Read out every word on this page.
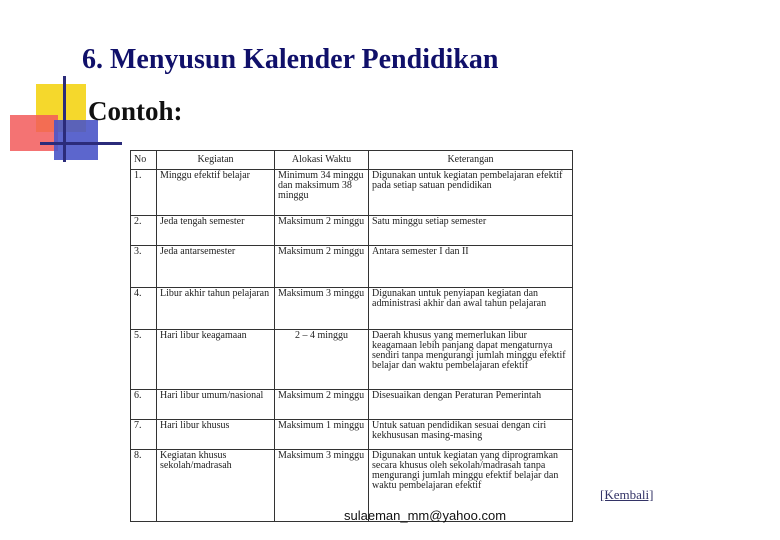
6. Menyusun Kalender Pendidikan
Contoh:
No	Kegiatan	Alokasi Waktu	Keterangan
1.	Minggu efektif belajar	Minimum 34 minggu dan maksimum 38 minggu	Digunakan untuk kegiatan pembelajaran efektif pada setiap satuan pendidikan
2.	Jeda tengah semester	Maksimum 2 minggu	Satu minggu setiap semester
3.	Jeda antarsemester	Maksimum 2 minggu	Antara semester I dan II
4.	Libur akhir tahun pelajaran	Maksimum 3 minggu	Digunakan untuk penyiapan kegiatan dan administrasi akhir dan awal tahun pelajaran
5.	Hari libur keagamaan	2 – 4 minggu	Daerah khusus yang memerlukan libur keagamaan lebih panjang dapat mengaturnya sendiri tanpa mengurangi jumlah minggu efektif belajar dan waktu pembelajaran efektif
6.	Hari libur umum/nasional	Maksimum 2 minggu	Disesuaikan dengan Peraturan Pemerintah
7.	Hari libur khusus	Maksimum 1 minggu	Untuk satuan pendidikan sesuai dengan ciri kekhususan masing-masing
8.	Kegiatan khusus sekolah/madrasah	Maksimum 3 minggu	Digunakan untuk kegiatan yang diprogramkan secara khusus oleh sekolah/madrasah tanpa mengurangi jumlah minggu efektif belajar dan waktu pembelajaran efektif
sulaeman_mm@yahoo.com
[Kembali]
